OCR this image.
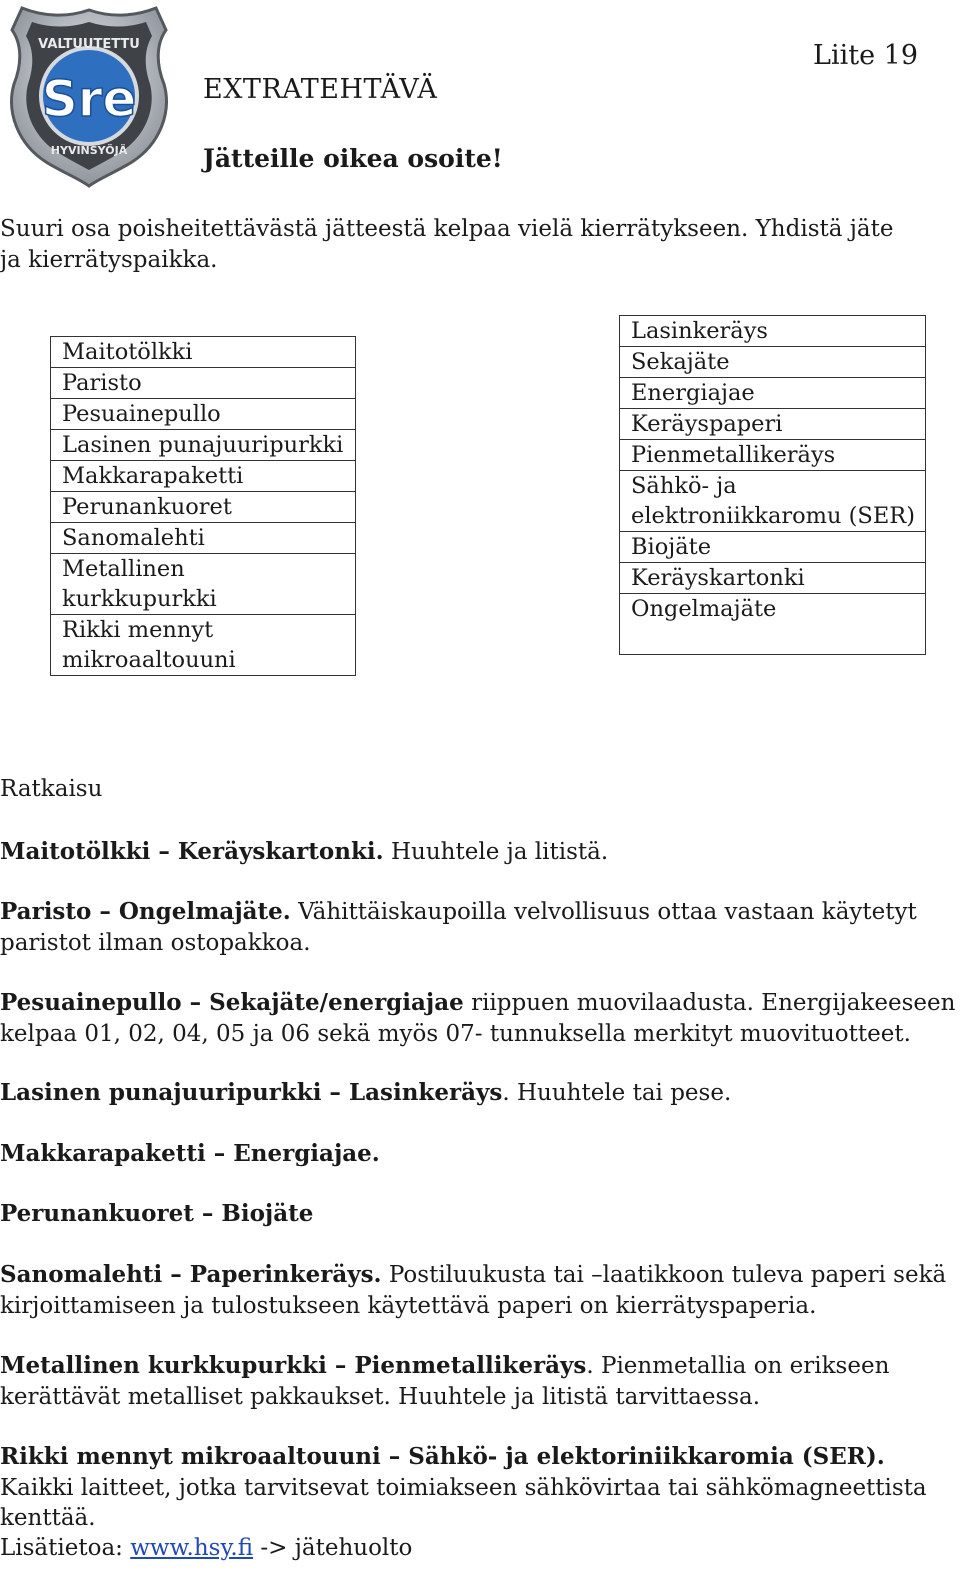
VALTUUTETTU
HYVINSYÖJÄ
Sre
Liite 19
EXTRATEHTÄVÄ
Jätteille oikea osoite!
Suuri osa poisheitettävästä jätteestä kelpaa vielä kierrätykseen. Yhdistä jäte ja kierrätyspaikka.
Maitotölkki
Paristo
Pesuainepullo
Lasinen punajuuripurkki
Makkarapaketti
Perunankuoret
Sanomalehti
Metallinen kurkkupurkki
Rikki mennyt mikroaaltouuni
Lasinkeräys
Sekajäte
Energiajae
Keräyspaperi
Pienmetallikeräys
Sähkö- ja elektroniikkaromu (SER)
Biojäte
Keräyskartonki
Ongelmajäte
Ratkaisu
Maitotölkki – Keräyskartonki. Huuhtele ja litistä.
Paristo – Ongelmajäte. Vähittäiskaupoilla velvollisuus ottaa vastaan käytetyt paristot ilman ostopakkoa.
Pesuainepullo – Sekajäte/energiajae riippuen muovilaadusta. Energijakeeseen kelpaa 01, 02, 04, 05 ja 06 sekä myös 07- tunnuksella merkityt muovituotteet.
Lasinen punajuuripurkki – Lasinkeräys. Huuhtele tai pese.
Makkarapaketti – Energiajae.
Perunankuoret – Biojäte
Sanomalehti – Paperinkeräys. Postiluukusta tai –laatikkoon tuleva paperi sekä kirjoittamiseen ja tulostukseen käytettävä paperi on kierrätyspaperia.
Metallinen kurkkupurkki – Pienmetallikeräys. Pienmetallia on erikseen kerättävät metalliset pakkaukset. Huuhtele ja litistä tarvittaessa.
Rikki mennyt mikroaaltouuni – Sähkö- ja elektoriniikkaromia (SER). Kaikki laitteet, jotka tarvitsevat toimiakseen sähkövirtaa tai sähkömagneettista kenttää.
Lisätietoa: www.hsy.fi -> jätehuolto
